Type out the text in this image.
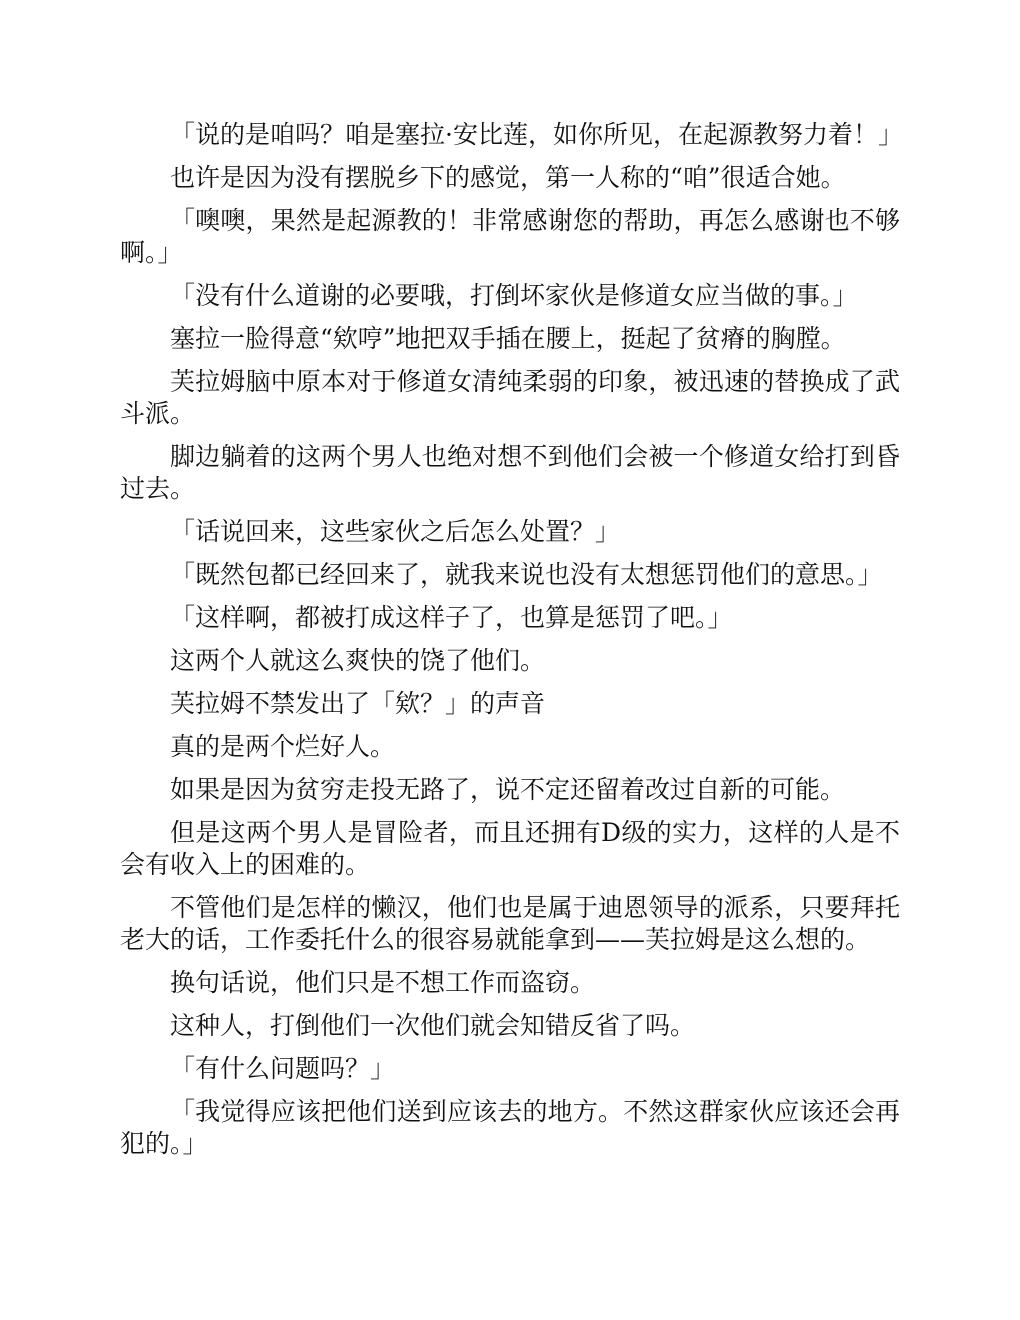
「说的是咱吗？咱是塞拉·安比莲，如你所见，在起源教努力着！」

也许是因为没有摆脱乡下的感觉，第一人称的“咱”很适合她。

「噢噢，果然是起源教的！非常感谢您的帮助，再怎么感谢也不够啊。」

「没有什么道谢的必要哦，打倒坏家伙是修道女应当做的事。」

塞拉一脸得意“欸哼”地把双手插在腰上，挺起了贫瘠的胸膛。

芙拉姆脑中原本对于修道女清纯柔弱的印象，被迅速的替换成了武斗派。

脚边躺着的这两个男人也绝对想不到他们会被一个修道女给打到昏过去。

「话说回来，这些家伙之后怎么处置？」

「既然包都已经回来了，就我来说也没有太想惩罚他们的意思。」

「这样啊，都被打成这样子了，也算是惩罚了吧。」

这两个人就这么爽快的饶了他们。

芙拉姆不禁发出了「欸？」的声音

真的是两个烂好人。

如果是因为贫穷走投无路了，说不定还留着改过自新的可能。

但是这两个男人是冒险者，而且还拥有D级的实力，这样的人是不会有收入上的困难的。

不管他们是怎样的懒汉，他们也是属于迪恩领导的派系，只要拜托老大的话，工作委托什么的很容易就能拿到——芙拉姆是这么想的。

换句话说，他们只是不想工作而盗窃。

这种人，打倒他们一次他们就会知错反省了吗。

「有什么问题吗？」

「我觉得应该把他们送到应该去的地方。不然这群家伙应该还会再犯的。」
